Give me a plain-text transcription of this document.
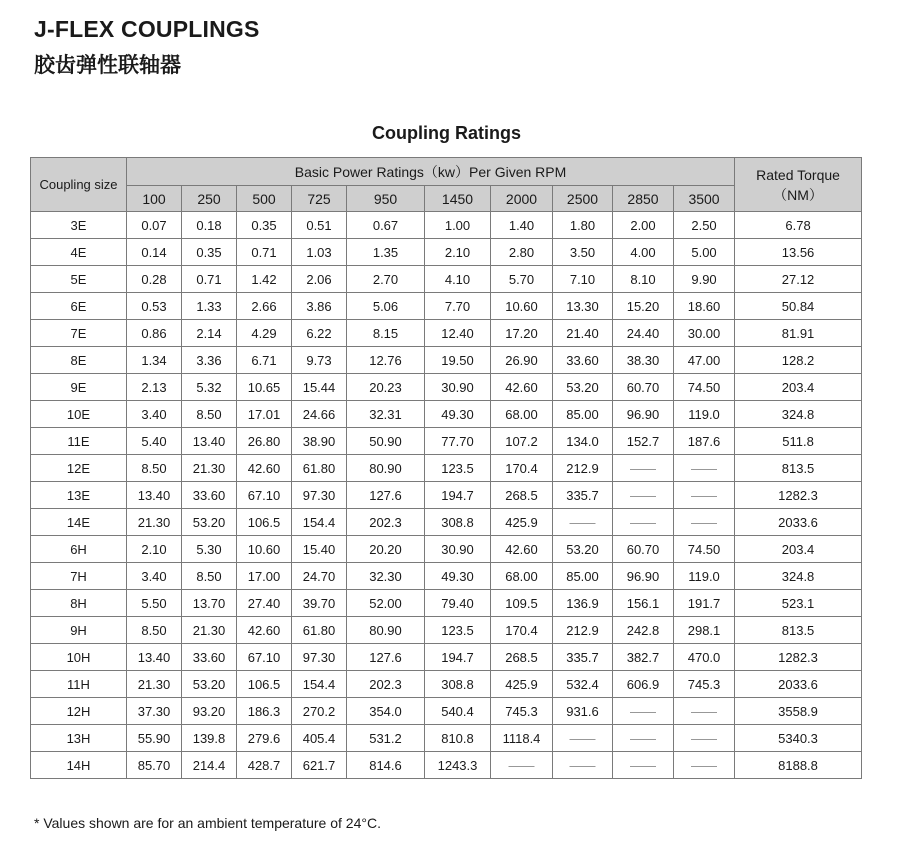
J-FLEX COUPLINGS
胶齿弹性联轴器
Coupling Ratings
Coupling size	Basic Power Ratings（kw）Per Given RPM										Rated Torque
（NM）

	100	250	500	725	950	1450	2000	2500	2850	3500	
3E	0.07	0.18	0.35	0.51	0.67	1.00	1.40	1.80	2.00	2.50	6.78
4E	0.14	0.35	0.71	1.03	1.35	2.10	2.80	3.50	4.00	5.00	13.56
5E	0.28	0.71	1.42	2.06	2.70	4.10	5.70	7.10	8.10	9.90	27.12
6E	0.53	1.33	2.66	3.86	5.06	7.70	10.60	13.30	15.20	18.60	50.84
7E	0.86	2.14	4.29	6.22	8.15	12.40	17.20	21.40	24.40	30.00	81.91
8E	1.34	3.36	6.71	9.73	12.76	19.50	26.90	33.60	38.30	47.00	128.2
9E	2.13	5.32	10.65	15.44	20.23	30.90	42.60	53.20	60.70	74.50	203.4
10E	3.40	8.50	17.01	24.66	32.31	49.30	68.00	85.00	96.90	119.0	324.8
11E	5.40	13.40	26.80	38.90	50.90	77.70	107.2	134.0	152.7	187.6	511.8
12E	8.50	21.30	42.60	61.80	80.90	123.5	170.4	212.9	——	——	813.5
13E	13.40	33.60	67.10	97.30	127.6	194.7	268.5	335.7	——	——	1282.3
14E	21.30	53.20	106.5	154.4	202.3	308.8	425.9	——	——	——	2033.6
6H	2.10	5.30	10.60	15.40	20.20	30.90	42.60	53.20	60.70	74.50	203.4
7H	3.40	8.50	17.00	24.70	32.30	49.30	68.00	85.00	96.90	119.0	324.8
8H	5.50	13.70	27.40	39.70	52.00	79.40	109.5	136.9	156.1	191.7	523.1
9H	8.50	21.30	42.60	61.80	80.90	123.5	170.4	212.9	242.8	298.1	813.5
10H	13.40	33.60	67.10	97.30	127.6	194.7	268.5	335.7	382.7	470.0	1282.3
11H	21.30	53.20	106.5	154.4	202.3	308.8	425.9	532.4	606.9	745.3	2033.6
12H	37.30	93.20	186.3	270.2	354.0	540.4	745.3	931.6	——	——	3558.9
13H	55.90	139.8	279.6	405.4	531.2	810.8	1118.4	——	——	——	5340.3
14H	85.70	214.4	428.7	621.7	814.6	1243.3	——	——	——	——	8188.8

* Values shown are for an ambient temperature of 24°C.
